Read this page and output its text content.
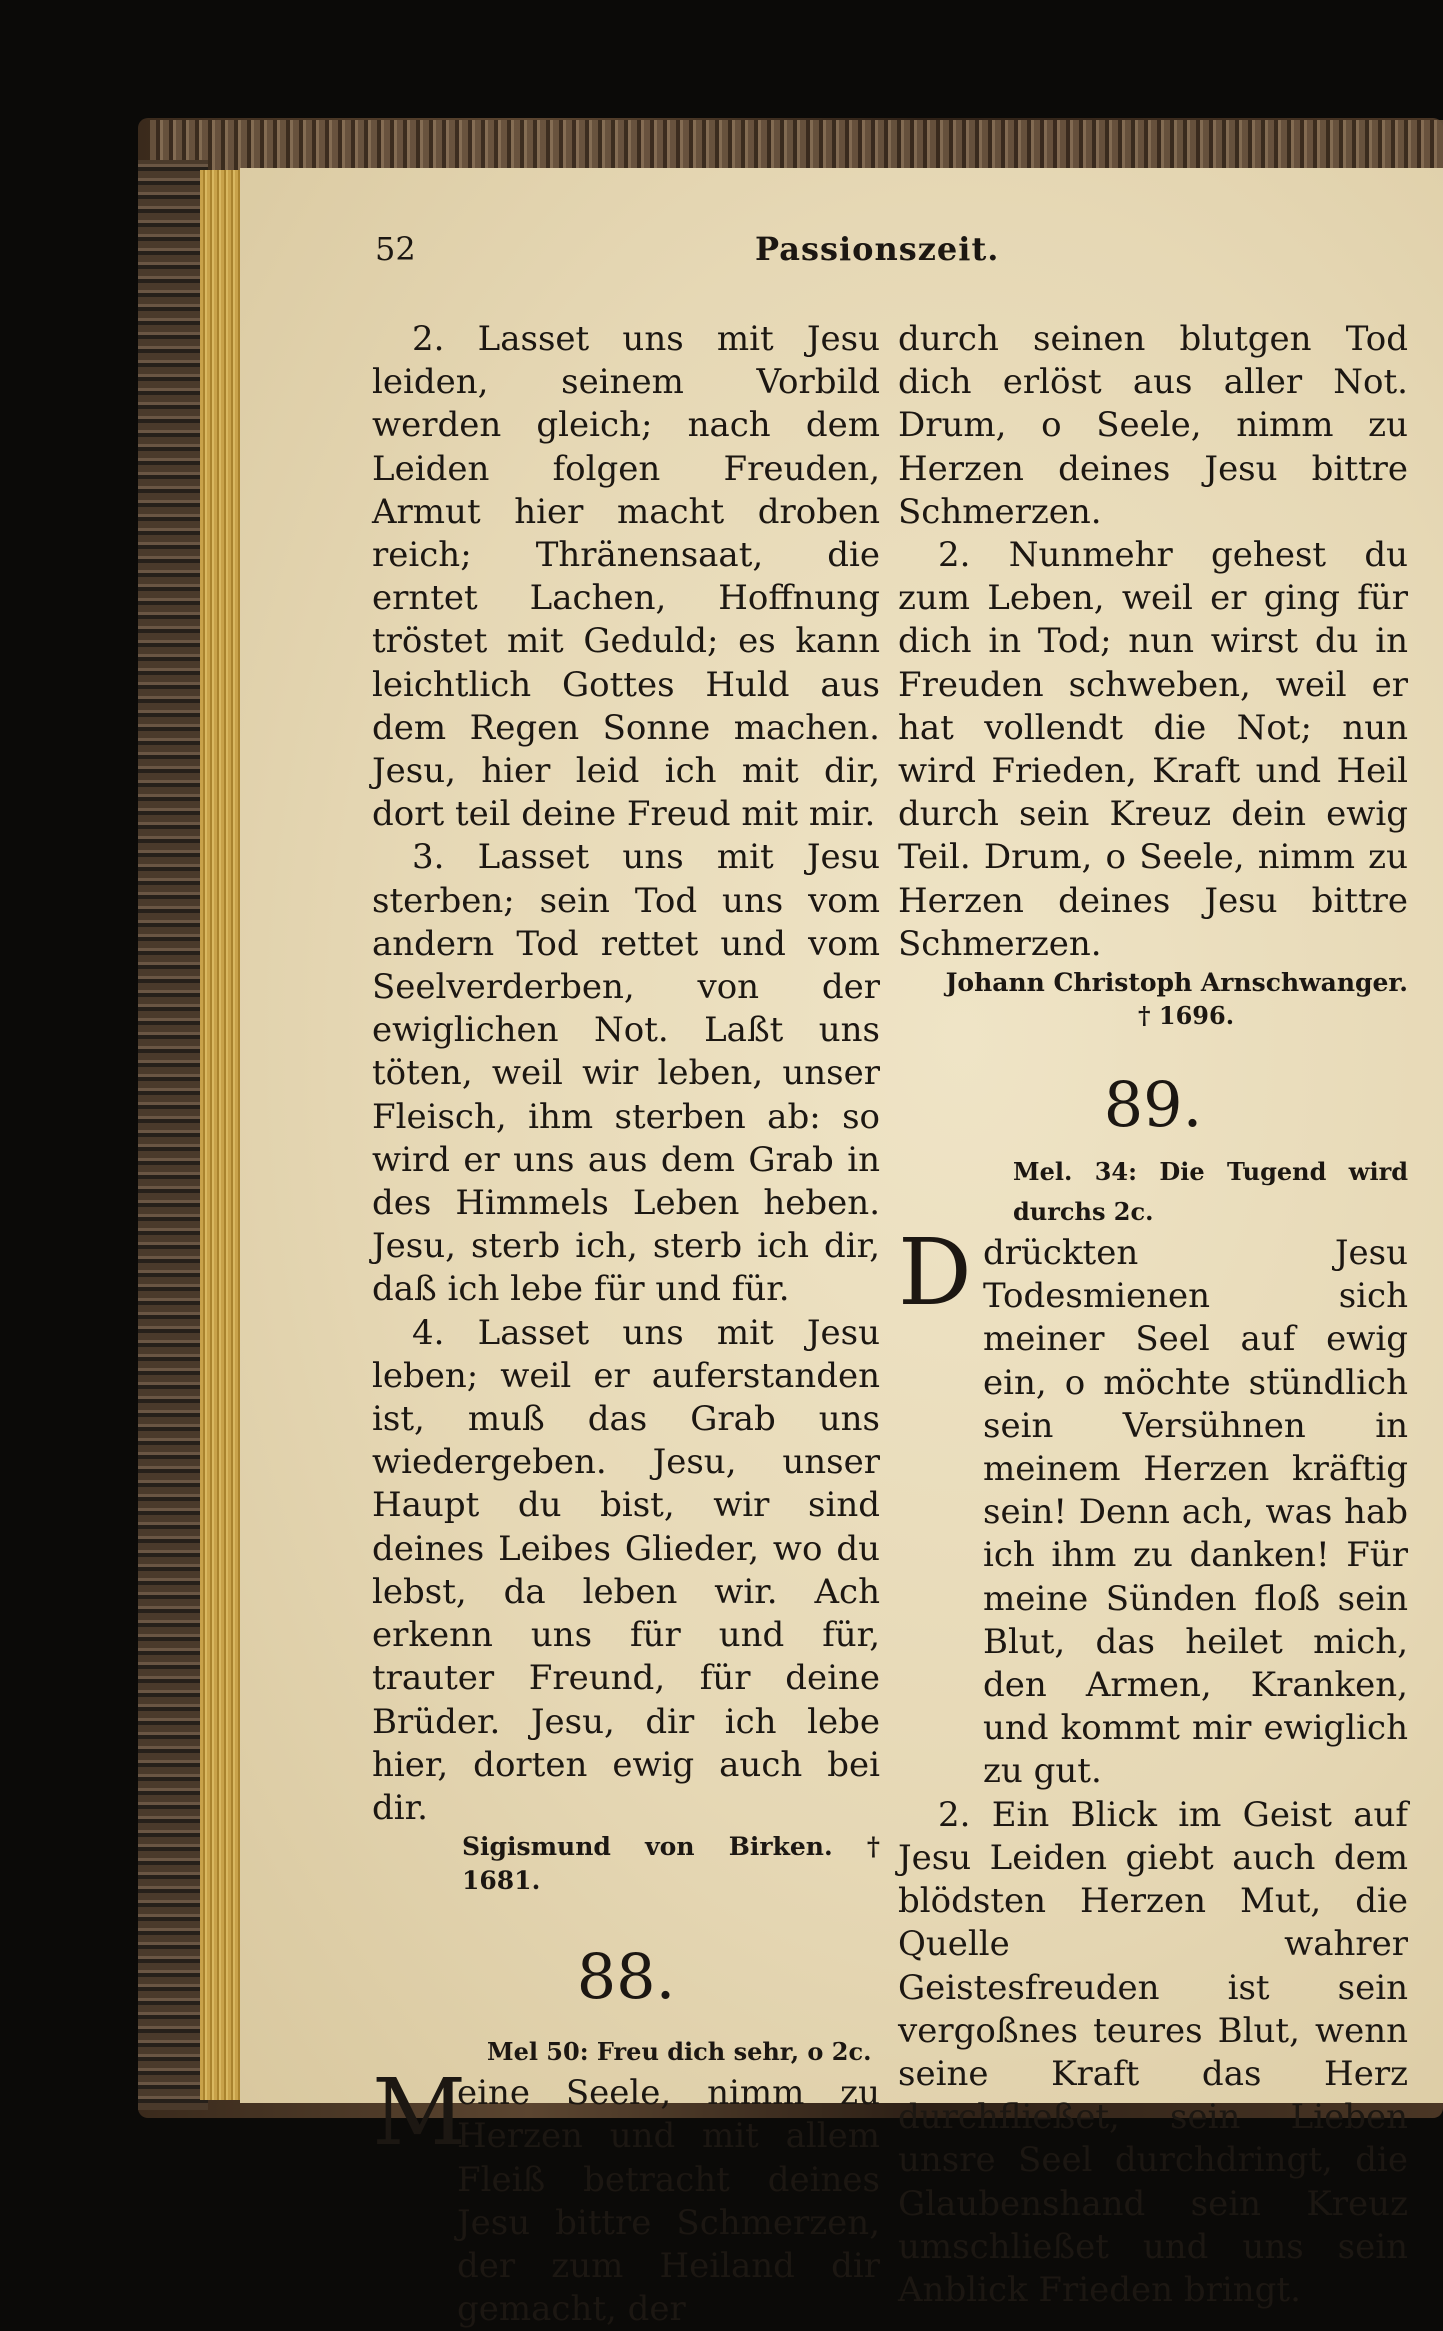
52	Passionszeit.

2. Lasset uns mit Jesu leiden, seinem Vorbild werden gleich; nach dem Leiden folgen Freuden, Armut hier macht droben reich; Thränensaat, die erntet Lachen, Hoffnung tröstet mit Geduld; es kann leichtlich Gottes Huld aus dem Regen Sonne machen. Jesu, hier leid ich mit dir, dort teil deine Freud mit mir.

3. Lasset uns mit Jesu sterben; sein Tod uns vom andern Tod rettet und vom Seelverderben, von der ewiglichen Not. Laßt uns töten, weil wir leben, unser Fleisch, ihm sterben ab: so wird er uns aus dem Grab in des Himmels Leben heben. Jesu, sterb ich, sterb ich dir, daß ich lebe für und für.

4. Lasset uns mit Jesu leben; weil er auferstanden ist, muß das Grab uns wiedergeben. Jesu, unser Haupt du bist, wir sind deines Leibes Glieder, wo du lebst, da leben wir. Ach erkenn uns für und für, trauter Freund, für deine Brüder. Jesu, dir ich lebe hier, dorten ewig auch bei dir.

Sigismund von Birken. † 1681.

88.
Mel 50: Freu dich sehr, o 2c.
M

eine Seele, nimm zu Herzen und mit allem Fleiß betracht deines Jesu bittre Schmerzen, der zum Heiland dir gemacht, der

durch seinen blutgen Tod dich erlöst aus aller Not. Drum, o Seele, nimm zu Herzen deines Jesu bittre Schmerzen.

2. Nunmehr gehest du zum Leben, weil er ging für dich in Tod; nun wirst du in Freuden schweben, weil er hat vollendt die Not; nun wird Frieden, Kraft und Heil durch sein Kreuz dein ewig Teil. Drum, o Seele, nimm zu Herzen deines Jesu bittre Schmerzen.

Johann Christoph Arnschwanger.

† 1696.

89.
Mel. 34: Die Tugend wird durchs 2c.
D drückten Jesu Todesmienen sich meiner Seel auf ewig ein, o möchte stündlich sein Versühnen in meinem Herzen kräftig sein! Denn ach, was hab ich ihm zu danken! Für meine Sünden floß sein Blut, das heilet mich, den Armen, Kranken, und kommt mir ewiglich zu gut.

2. Ein Blick im Geist auf Jesu Leiden giebt auch dem blödsten Herzen Mut, die Quelle wahrer Geistesfreuden ist sein vergoßnes teures Blut, wenn seine Kraft das Herz durchfließet, sein Lieben unsre Seel durchdringt, die Glaubenshand sein Kreuz umschließet und uns sein Anblick Frieden bringt.
